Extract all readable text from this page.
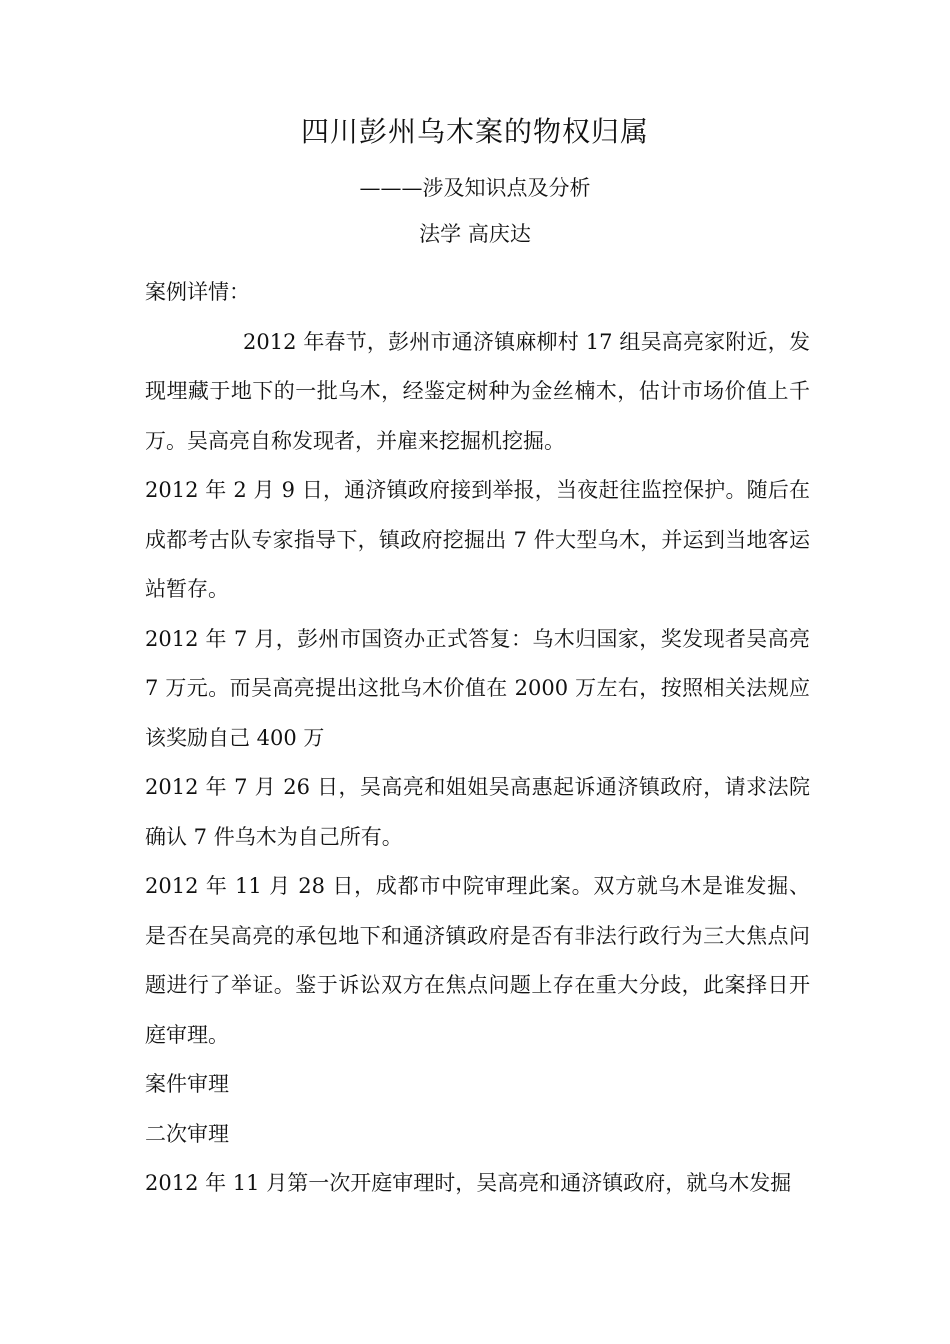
四川彭州乌木案的物权归属
———涉及知识点及分析
法学 高庆达

案例详情：

2012 年春节，彭州市通济镇麻柳村 17 组吴高亮家附近，发现埋藏于地下的一批乌木，经鉴定树种为金丝楠木，估计市场价值上千万。吴高亮自称发现者，并雇来挖掘机挖掘。

2012 年 2 月 9 日，通济镇政府接到举报，当夜赶往监控保护。随后在成都考古队专家指导下，镇政府挖掘出 7 件大型乌木，并运到当地客运站暂存。

2012 年 7 月，彭州市国资办正式答复：乌木归国家，奖发现者吴高亮 7 万元。而吴高亮提出这批乌木价值在 2000 万左右，按照相关法规应该奖励自己 400 万

2012 年 7 月 26 日，吴高亮和姐姐吴高惠起诉通济镇政府，请求法院确认 7 件乌木为自己所有。

2012 年 11 月 28 日，成都市中院审理此案。双方就乌木是谁发掘、是否在吴高亮的承包地下和通济镇政府是否有非法行政行为三大焦点问题进行了举证。鉴于诉讼双方在焦点问题上存在重大分歧，此案择日开庭审理。

案件审理

二次审理

2012 年 11 月第一次开庭审理时，吴高亮和通济镇政府，就乌木发掘
